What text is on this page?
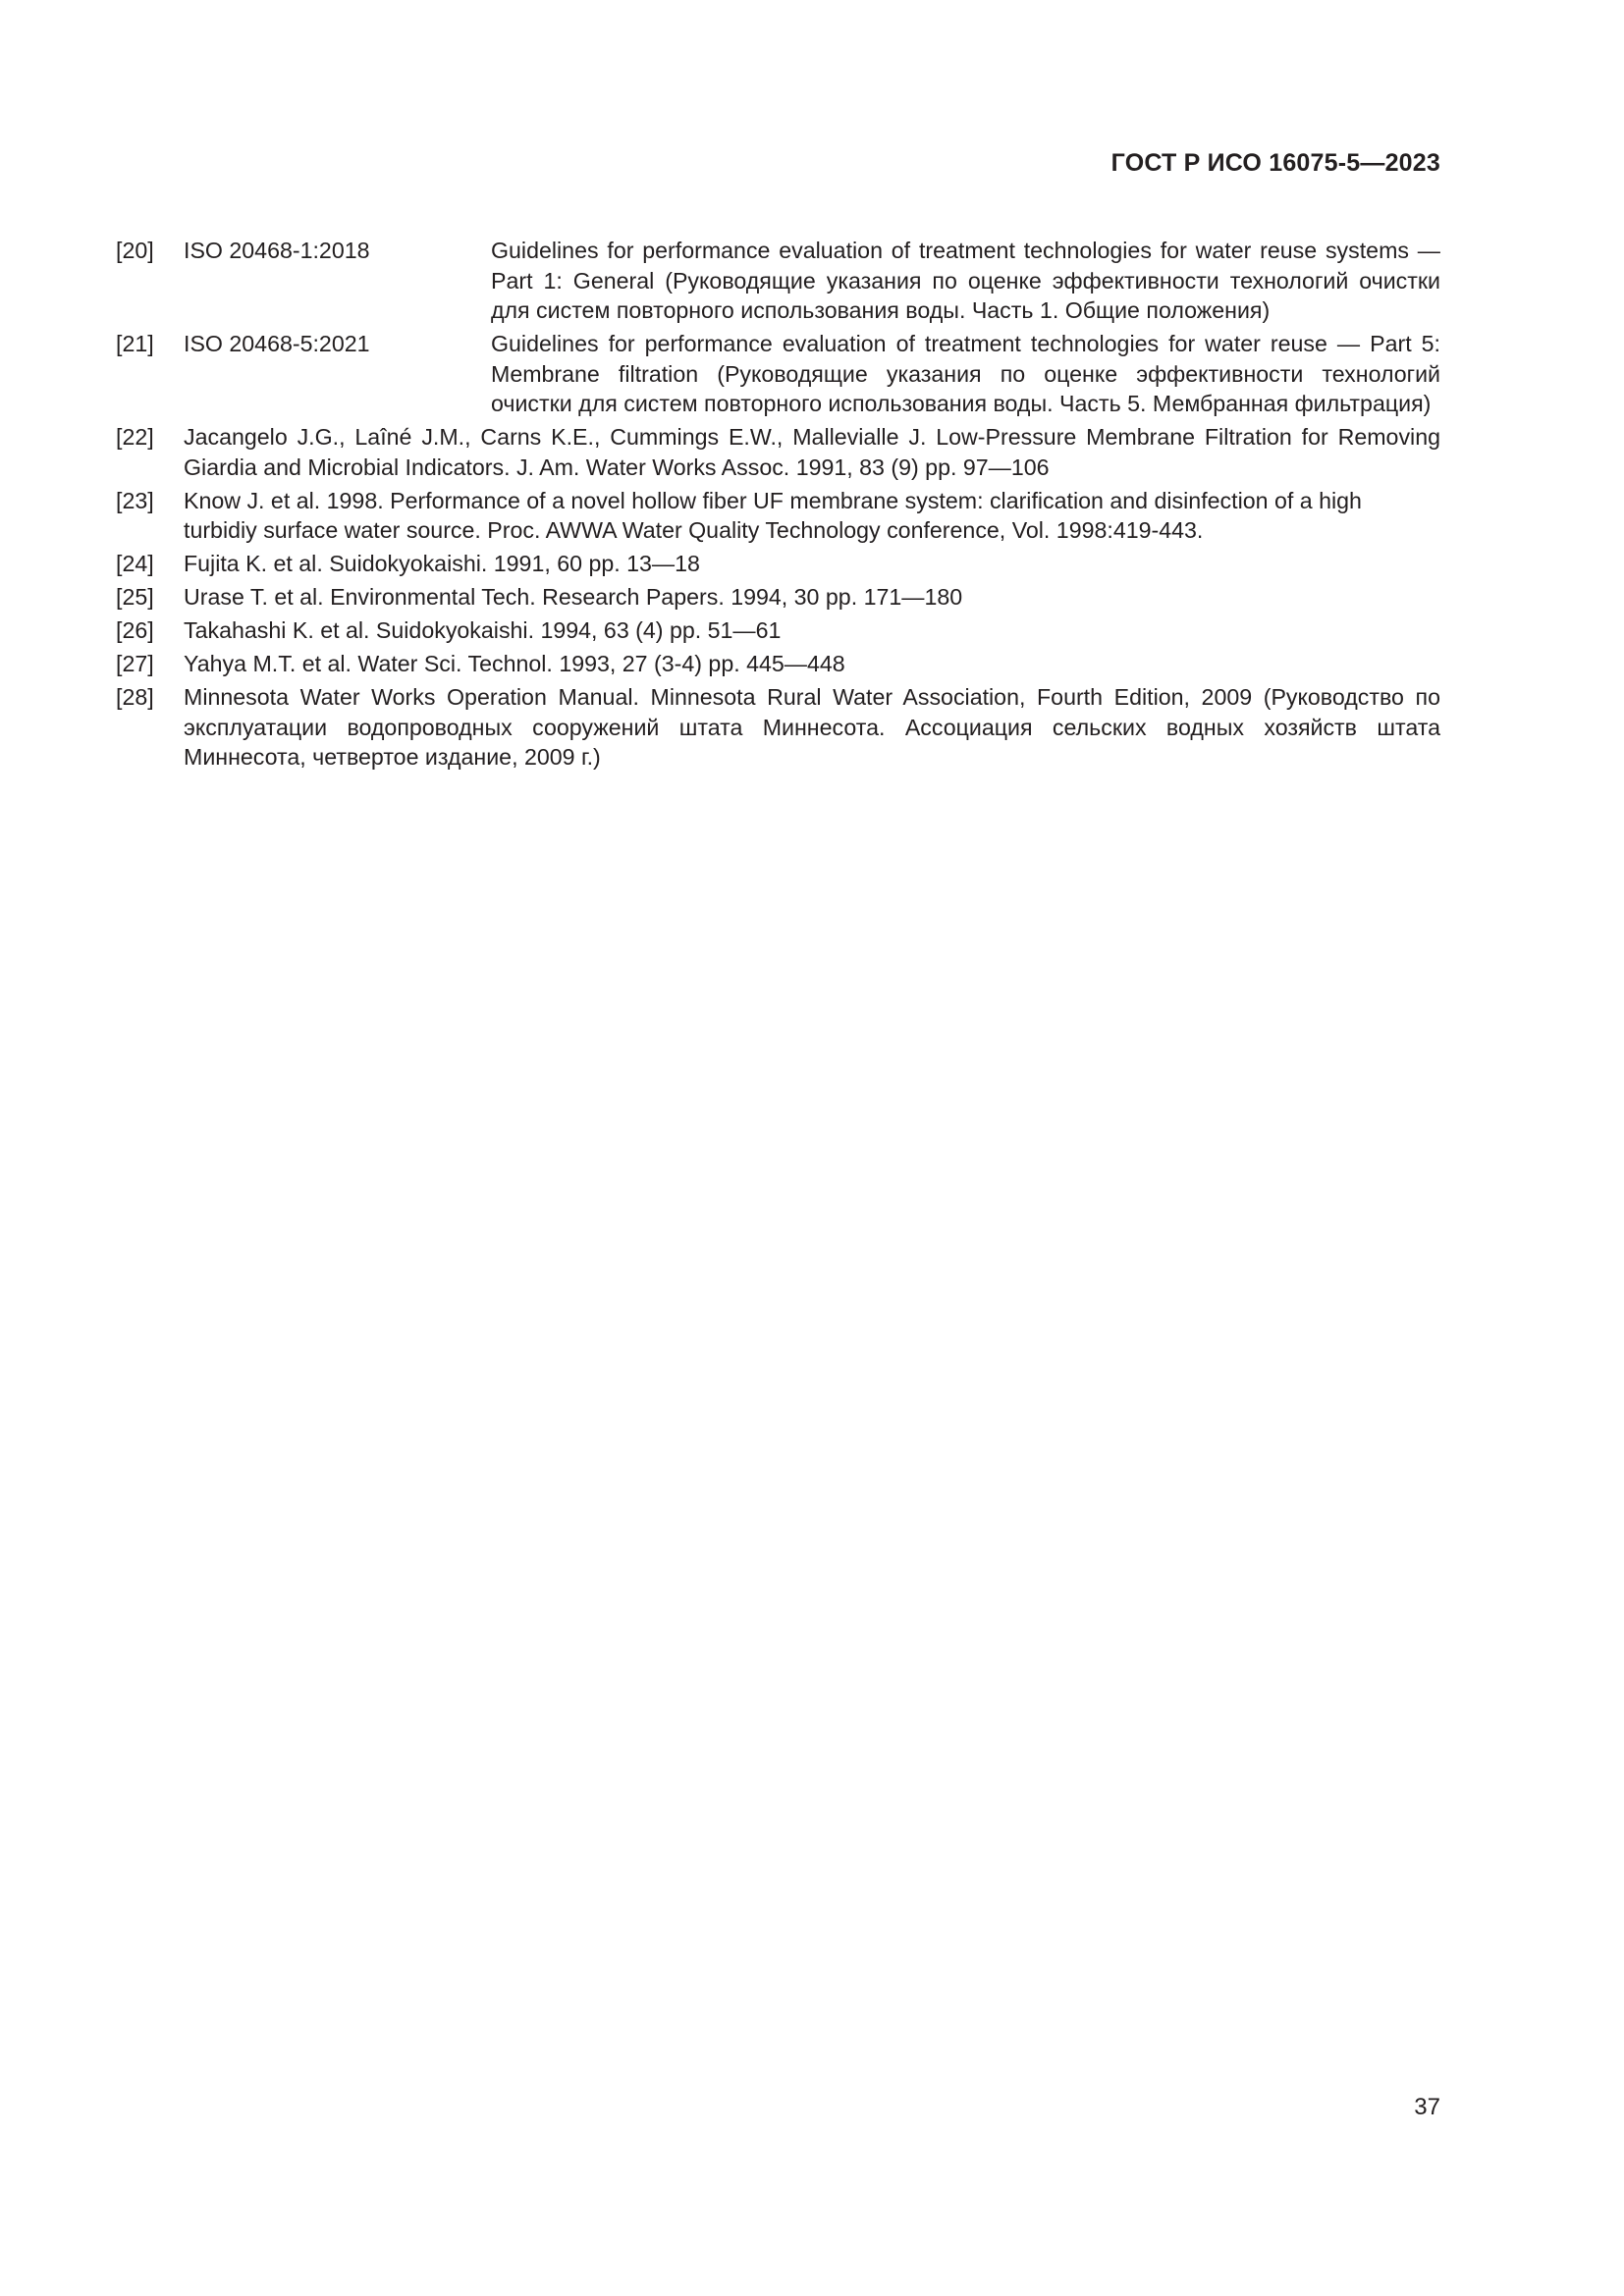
ГОСТ Р ИСО 16075-5—2023
[20]	ISO 20468-1:2018	Guidelines for performance evaluation of treatment technologies for water reuse systems — Part 1: General (Руководящие указания по оценке эффективности технологий очистки для систем повторного использования воды. Часть 1. Общие положения)
[21]	ISO 20468-5:2021	Guidelines for performance evaluation of treatment technologies for water reuse — Part 5: Membrane filtration (Руководящие указания по оценке эффективности технологий очистки для систем повторного использования воды. Часть 5. Мембранная фильтрация)
[22]	Jacangelo J.G., Laîné J.M., Carns K.E., Cummings E.W., Mallevialle J. Low-Pressure Membrane Filtration for Removing Giardia and Microbial Indicators. J. Am. Water Works Assoc. 1991, 83 (9) pp. 97—106
[23]	Know J. et al. 1998. Performance of a novel hollow fiber UF membrane system: clarification and disinfection of a high turbidiy surface water source. Proc. AWWA Water Quality Technology conference, Vol. 1998:419-443.
[24]	Fujita K. et al. Suidokyokaishi. 1991, 60 pp. 13—18
[25]	Urase T. et al. Environmental Tech. Research Papers. 1994, 30 pp. 171—180
[26]	Takahashi K. et al. Suidokyokaishi. 1994, 63 (4) pp. 51—61
[27]	Yahya M.T. et al. Water Sci. Technol. 1993, 27 (3-4) pp. 445—448
[28]	Minnesota Water Works Operation Manual. Minnesota Rural Water Association, Fourth Edition, 2009 (Руководство по эксплуатации водопроводных сооружений штата Миннесота. Ассоциация сельских водных хозяйств штата Миннесота, четвертое издание, 2009 г.)
37
